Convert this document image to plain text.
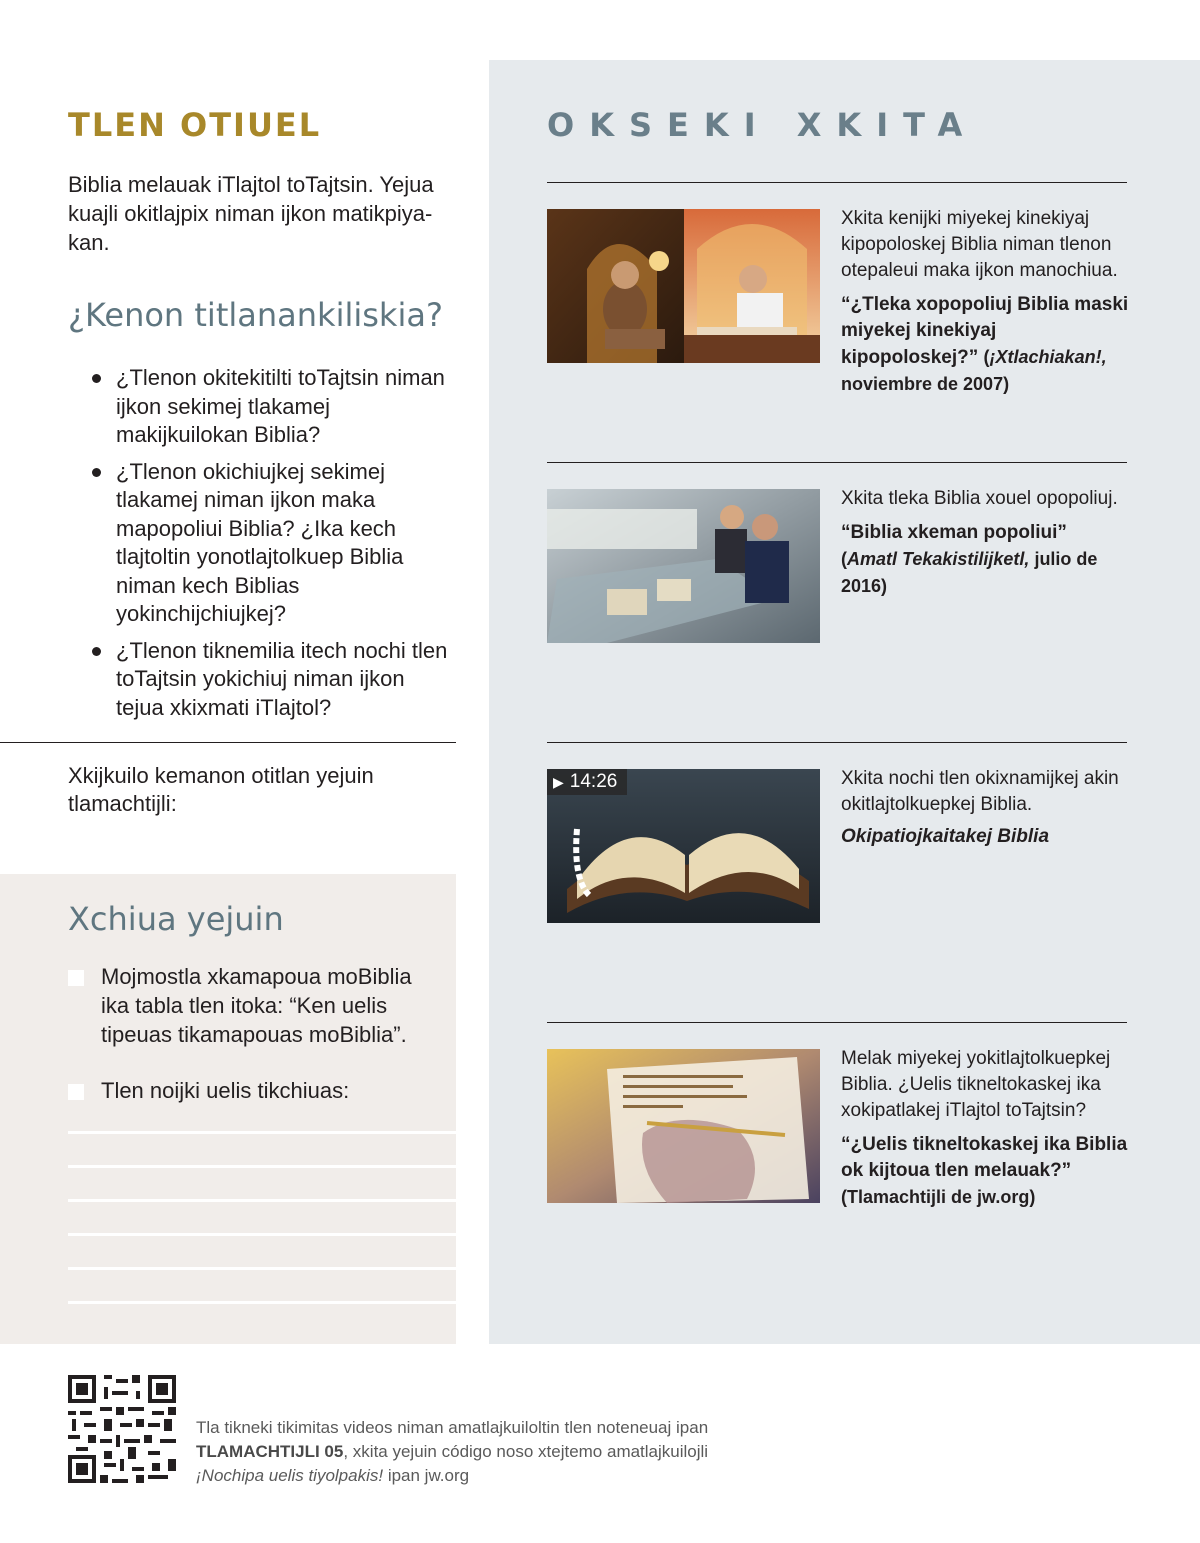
TLEN OTIUEL

Biblia melauak iTlajtol toTajtsin. Yejua kuajli okitlajpix niman ijkon matikpiya-kan.

¿Kenon titlanankiliskia?
¿Tlenon okitekitilti toTajtsin niman ijkon sekimej tlakamej makijkuilokan Biblia?
¿Tlenon okichiujkej sekimej tlakamej niman ijkon maka mapopoliui Biblia? ¿Ika kech tlajtoltin yonotlajtolkuep Biblia niman kech Biblias yokinchijchiujkej?
¿Tlenon tiknemilia itech nochi tlen toTajtsin yokichiuj niman ijkon tejua xkixmati iTlajtol?

Xkijkuilo kemanon otitlan yejuin tlamachtijli:

Xchiua yejuin

Mojmostla xkamapoua moBiblia ika tabla tlen itoka: “Ken uelis tipeuas tikamapouas moBiblia”.

Tlen noijki uelis tikchiuas:

OKSEKI XKITA

Xkita kenijki miyekej kinekiyaj kipopoloskej Biblia niman tlenon otepaleui maka ijkon manochiua.
“¿Tleka xopopoliuj Biblia maski miyekej kinekiyaj kipopoloskej?” (¡Xtlachiakan!, noviembre de 2007)

Xkita tleka Biblia xouel opopoliuj.
“Biblia xkeman popoliui”
(Amatl Tekakistilijketl, julio de 2016)

▶ 14:26	Xkita nochi tlen okixnamijkej akin okitlajtolkuepkej Biblia.
Okipatiojkaitakej Biblia

Melak miyekej yokitlajtolkuepkej Biblia. ¿Uelis tikneltokaskej ika xokipatlakej iTlajtol toTajtsin?
“¿Uelis tikneltokaskej ika Biblia ok kijtoua tlen melauak?”
(Tlamachtijli de jw.org)

Tla tikneki tikimitas videos niman amatlajkuiloltin tlen noteneuaj ipan TLAMACHTIJLI 05, xkita yejuin código noso xtejtemo amatlajkuilojli ¡Nochipa uelis tiyolpakis! ipan jw.org
